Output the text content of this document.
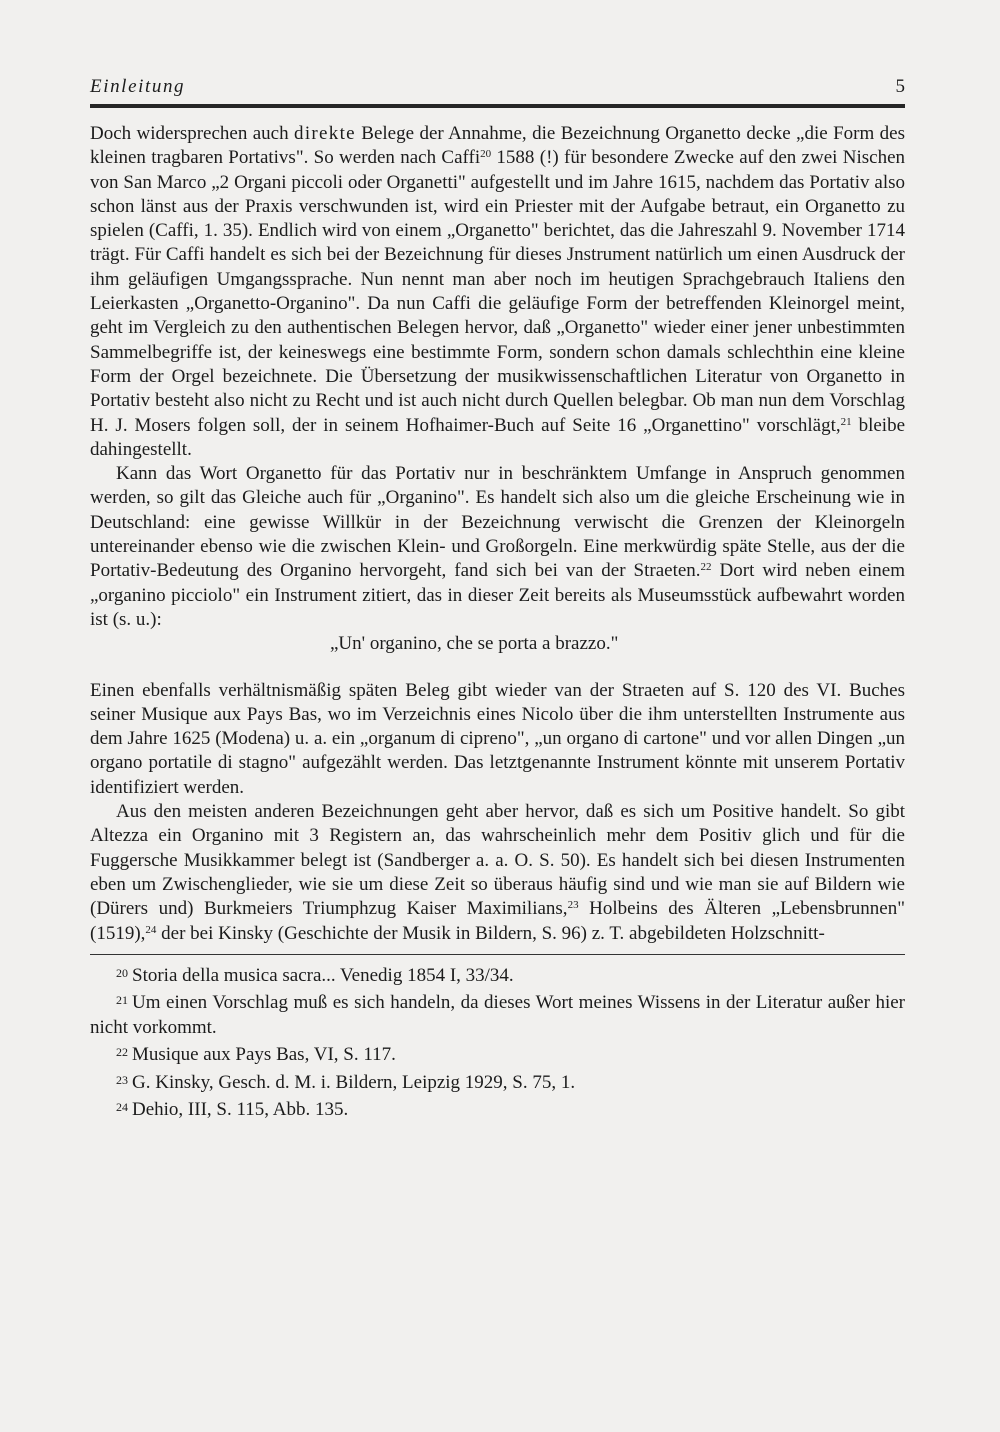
Einleitung	5

Doch widersprechen auch direkte Belege der Annahme, die Bezeichnung Organetto decke „die Form des kleinen tragbaren Portativs". So werden nach Caffi$^{20}$ 1588 (!) für besondere Zwecke auf den zwei Nischen von San Marco „2 Organi piccoli oder Organetti" aufgestellt und im Jahre 1615, nachdem das Portativ also schon länst aus der Praxis verschwunden ist, wird ein Priester mit der Aufgabe betraut, ein Organetto zu spielen (Caffi, 1. 35). Endlich wird von einem „Organetto" berichtet, das die Jahreszahl 9. November 1714 trägt. Für Caffi handelt es sich bei der Bezeichnung für dieses Jnstrument natürlich um einen Ausdruck der ihm geläufigen Umgangssprache. Nun nennt man aber noch im heutigen Sprachgebrauch Italiens den Leierkasten „Organetto-Organino". Da nun Caffi die geläufige Form der betreffenden Kleinorgel meint, geht im Vergleich zu den authentischen Belegen hervor, daß „Organetto" wieder einer jener unbestimmten Sammelbegriffe ist, der keineswegs eine bestimmte Form, sondern schon damals schlechthin eine kleine Form der Orgel bezeichnete. Die Übersetzung der musikwissenschaftlichen Literatur von Organetto in Portativ besteht also nicht zu Recht und ist auch nicht durch Quellen belegbar. Ob man nun dem Vorschlag H. J. Mosers folgen soll, der in seinem Hofhaimer-Buch auf Seite 16 „Organettino" vorschlägt,$^{21}$ bleibe dahingestellt.

Kann das Wort Organetto für das Portativ nur in beschränktem Umfange in Anspruch genommen werden, so gilt das Gleiche auch für „Organino". Es handelt sich also um die gleiche Erscheinung wie in Deutschland: eine gewisse Willkür in der Bezeichnung verwischt die Grenzen der Kleinorgeln untereinander ebenso wie die zwischen Klein- und Großorgeln. Eine merkwürdig späte Stelle, aus der die Portativ-Bedeutung des Organino hervorgeht, fand sich bei van der Straeten.$^{22}$ Dort wird neben einem „organino picciolo" ein Instrument zitiert, das in dieser Zeit bereits als Museumsstück aufbewahrt worden ist (s. u.):

„Un' organino, che se porta a brazzo."

Einen ebenfalls verhältnismäßig späten Beleg gibt wieder van der Straeten auf S. 120 des VI. Buches seiner Musique aux Pays Bas, wo im Verzeichnis eines Nicolo über die ihm unterstellten Instrumente aus dem Jahre 1625 (Modena) u. a. ein „organum di cipreno", „un organo di cartone" und vor allen Dingen „un organo portatile di stagno" aufgezählt werden. Das letztgenannte Instrument könnte mit unserem Portativ identifiziert werden.

Aus den meisten anderen Bezeichnungen geht aber hervor, daß es sich um Positive handelt. So gibt Altezza ein Organino mit 3 Registern an, das wahrscheinlich mehr dem Positiv glich und für die Fuggersche Musikkammer belegt ist (Sandberger a. a. O. S. 50). Es handelt sich bei diesen Instrumenten eben um Zwischenglieder, wie sie um diese Zeit so überaus häufig sind und wie man sie auf Bildern wie (Dürers und) Burkmeiers Triumphzug Kaiser Maximilians,$^{23}$ Holbeins des Älteren „Lebensbrunnen" (1519),$^{24}$ der bei Kinsky (Geschichte der Musik in Bildern, S. 96) z. T. abgebildeten Holzschnitt-

$^{20}$ Storia della musica sacra... Venedig 1854 I, 33/34.

$^{21}$ Um einen Vorschlag muß es sich handeln, da dieses Wort meines Wissens in der Literatur außer hier nicht vorkommt.

$^{22}$ Musique aux Pays Bas, VI, S. 117.

$^{23}$ G. Kinsky, Gesch. d. M. i. Bildern, Leipzig 1929, S. 75, 1.

$^{24}$ Dehio, III, S. 115, Abb. 135.
